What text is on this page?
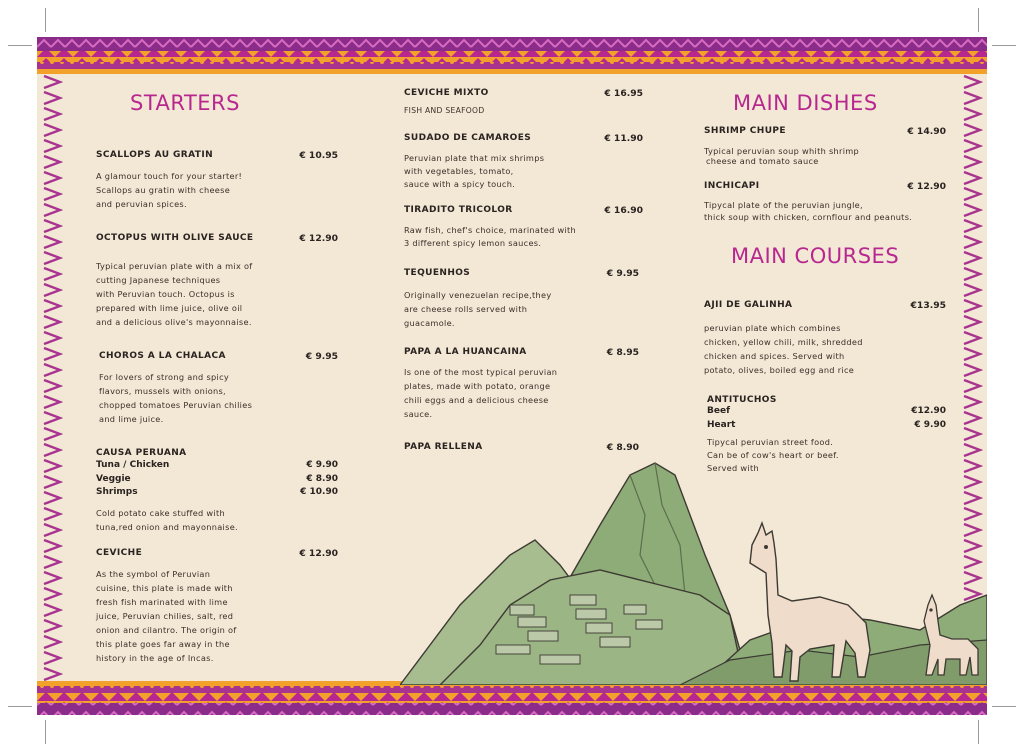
STARTERS
SCALLOPS AU GRATIN	€ 10.95
A glamour touch for your starter!
Scallops au gratin with cheese
and peruvian spices.
OCTOPUS WITH OLIVE SAUCE	€ 12.90
Typical peruvian plate with a mix of
cutting Japanese techniques
with Peruvian touch. Octopus is
prepared with lime juice, olive oil
and a delicious olive's mayonnaise.
CHOROS A LA CHALACA	€ 9.95
For lovers of strong and spicy
flavors, mussels with onions,
chopped tomatoes Peruvian chilies
and lime juice.
CAUSA PERUANA
Tuna / Chicken	€ 9.90
Veggie	€ 8.90
Shrimps	€ 10.90
Cold potato cake stuffed with
tuna,red onion and mayonnaise.
CEVICHE	€ 12.90
As the symbol of Peruvian
cuisine, this plate is made with
fresh fish marinated with lime
juice, Peruvian chilies, salt, red
onion and cilantro. The origin of
this plate goes far away in the
history in the age of Incas.
CEVICHE MIXTO	€ 16.95
FISH AND SEAFOOD
SUDADO DE CAMAROES	€ 11.90
Peruvian plate that mix shrimps
with vegetables, tomato,
sauce with a spicy touch.
TIRADITO TRICOLOR	€ 16.90
Raw fish, chef's choice, marinated with
3 different spicy lemon sauces.
TEQUENHOS	€ 9.95
Originally venezuelan recipe,they
are cheese rolls served with
guacamole.
PAPA A LA HUANCAINA	€ 8.95
Is one of the most typical peruvian
plates, made with potato, orange
chili eggs and a delicious cheese
sauce.
PAPA RELLENA	€ 8.90
MAIN DISHES
SHRIMP CHUPE	€ 14.90
Typical peruvian soup whith shrimp
cheese and tomato sauce
INCHICAPI	€ 12.90
Tipycal plate of the peruvian jungle,
thick soup with chicken, cornflour and peanuts.
MAIN COURSES
AJII DE GALINHA	€13.95
peruvian plate which combines
chicken, yellow chili, milk, shredded
chicken and spices. Served with
potato, olives, boiled egg and rice
ANTITUCHOS
Beef	€12.90
Heart	€ 9.90
Tipycal peruvian street food.
Can be of cow's heart or beef.
Served with
